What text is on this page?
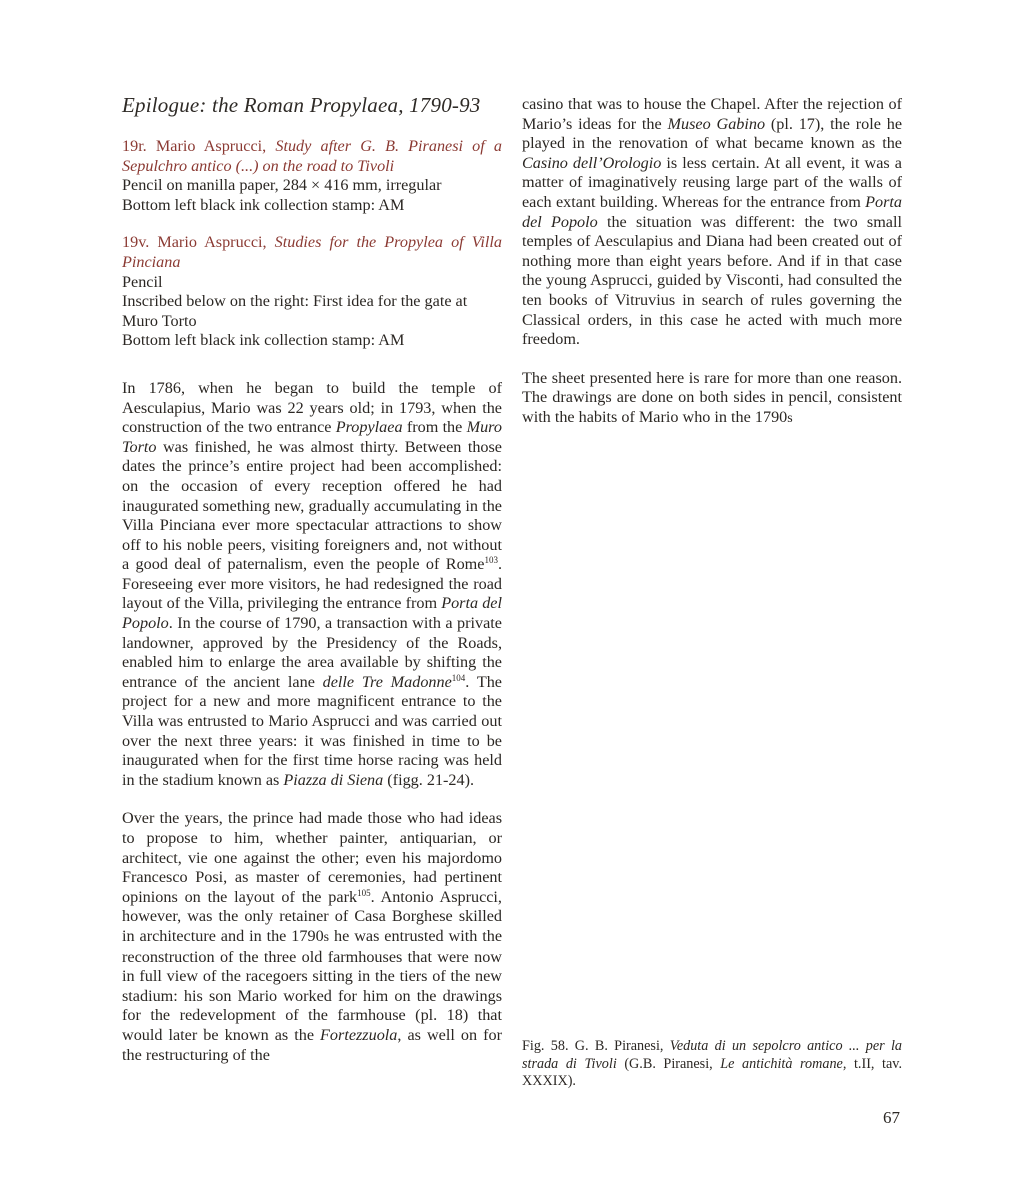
Epilogue: the Roman Propylaea, 1790-93
19r. Mario Asprucci, Study after G. B. Piranesi of a Sepulchro antico (...) on the road to Tivoli
Pencil on manilla paper, 284 × 416 mm, irregular
Bottom left black ink collection stamp: AM
19v. Mario Asprucci, Studies for the Propylea of Villa Pinciana
Pencil
Inscribed below on the right: First idea for the gate at Muro Torto
Bottom left black ink collection stamp: AM

In 1786, when he began to build the temple of Aesculapius, Mario was 22 years old; in 1793, when the construction of the two entrance Propylaea from the Muro Torto was finished, he was almost thirty. Between those dates the prince’s entire project had been accomplished: on the occasion of every reception offered he had inaugurated something new, gradually accumulating in the Villa Pinciana ever more spectacular attractions to show off to his noble peers, visiting foreigners and, not without a good deal of paternalism, even the people of Rome$^{103}$. Foreseeing ever more visitors, he had redesigned the road layout of the Villa, privileging the entrance from Porta del Popolo. In the course of 1790, a transaction with a private landowner, approved by the Presidency of the Roads, enabled him to enlarge the area available by shifting the entrance of the ancient lane delle Tre Madonne$^{104}$. The project for a new and more magnificent entrance to the Villa was entrusted to Mario Asprucci and was carried out over the next three years: it was finished in time to be inaugurated when for the first time horse racing was held in the stadium known as Piazza di Siena (figg. 21-24).

Over the years, the prince had made those who had ideas to propose to him, whether painter, antiquarian, or architect, vie one against the other; even his majordomo Francesco Posi, as master of ceremonies, had pertinent opinions on the layout of the park$^{105}$. Antonio Asprucci, however, was the only retainer of Casa Borghese skilled in architecture and in the 1790s he was entrusted with the reconstruction of the three old farmhouses that were now in full view of the racegoers sitting in the tiers of the new stadium: his son Mario worked for him on the drawings for the redevelopment of the farmhouse (pl. 18) that would later be known as the Fortezzuola, as well on for the restructuring of the

casino that was to house the Chapel. After the rejection of Mario’s ideas for the Museo Gabino (pl. 17), the role he played in the renovation of what became known as the Casino dell’Orologio is less certain. At all event, it was a matter of imaginatively reusing large part of the walls of each extant building. Whereas for the entrance from Porta del Popolo the situation was different: the two small temples of Aesculapius and Diana had been created out of nothing more than eight years before. And if in that case the young Asprucci, guided by Visconti, had consulted the ten books of Vitruvius in search of rules governing the Classical orders, in this case he acted with much more freedom.

The sheet presented here is rare for more than one reason. The drawings are done on both sides in pencil, consistent with the habits of Mario who in the 1790s

Fig. 58. G. B. Piranesi, Veduta di un sepolcro antico ... per la strada di Tivoli (G.B. Piranesi, Le antichità romane, t.II, tav. XXXIX).
67
